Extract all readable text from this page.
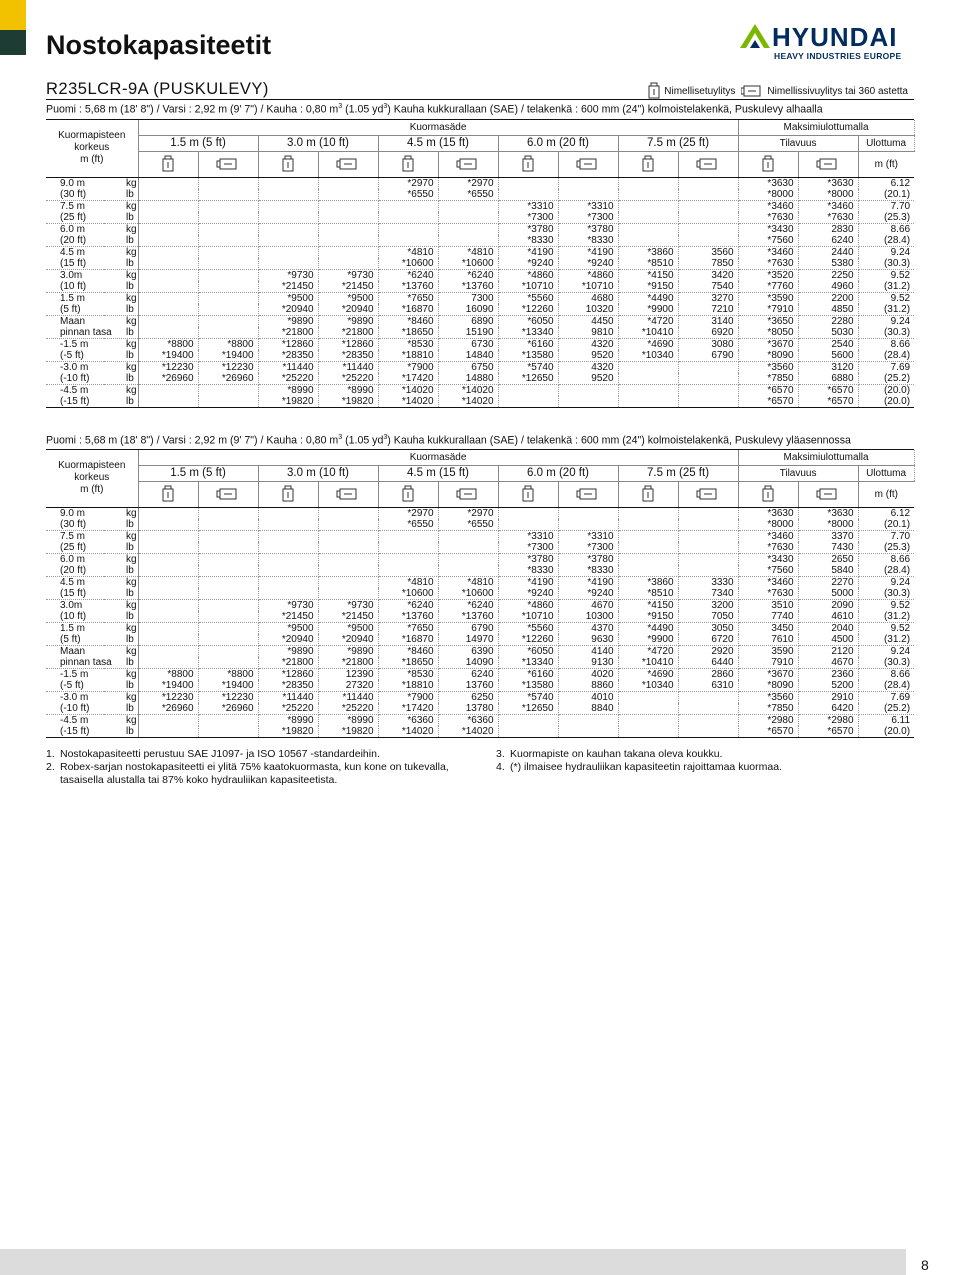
Nostokapasiteetit	HYUNDAI
HEAVY INDUSTRIES EUROPE
R235LCR-9A (PUSKULEVY)	Nimellisetuylitys	Nimellissivuylitys tai 360 astetta
Puomi : 5,68 m (18' 8") / Varsi : 2,92 m (9' 7") / Kauha : 0,80 $m^3$ (1.05 $yd^3$) Kauha kukkurallaan (SAE) / telakenkä : 600 mm (24") kolmoistelakenkä, Puskulevy alhaalla
Kuormapisteen
korkeus
m (ft)		Kuormasäde										Maksimiulottumalla		
		1.5 m (5 ft)		3.0 m (10 ft)		4.5 m (15 ft)		6.0 m (20 ft)		7.5 m (25 ft)		Tilavuus		Ulottuma

	m (ft)
9.0 m	kg					*2970	*2970					*3630	*3630	6.12
(30 ft)	lb					*6550	*6550					*8000	*8000	(20.1)
7.5 m	kg							*3310	*3310			*3460	*3460	7.70
(25 ft)	lb							*7300	*7300			*7630	*7630	(25.3)
6.0 m	kg							*3780	*3780			*3430	2830	8.66
(20 ft)	lb							*8330	*8330			*7560	6240	(28.4)
4.5 m	kg					*4810	*4810	*4190	*4190	*3860	3560	*3460	2440	9.24
(15 ft)	lb					*10600	*10600	*9240	*9240	*8510	7850	*7630	5380	(30.3)
3.0m	kg			*9730	*9730	*6240	*6240	*4860	*4860	*4150	3420	*3520	2250	9.52
(10 ft)	lb			*21450	*21450	*13760	*13760	*10710	*10710	*9150	7540	*7760	4960	(31.2)
1.5 m	kg			*9500	*9500	*7650	7300	*5560	4680	*4490	3270	*3590	2200	9.52
(5 ft)	lb			*20940	*20940	*16870	16090	*12260	10320	*9900	7210	*7910	4850	(31.2)
Maan	kg			*9890	*9890	*8460	6890	*6050	4450	*4720	3140	*3650	2280	9.24
pinnan tasa	lb			*21800	*21800	*18650	15190	*13340	9810	*10410	6920	*8050	5030	(30.3)
-1.5 m	kg	*8800	*8800	*12860	*12860	*8530	6730	*6160	4320	*4690	3080	*3670	2540	8.66
(-5 ft)	lb	*19400	*19400	*28350	*28350	*18810	14840	*13580	9520	*10340	6790	*8090	5600	(28.4)
-3.0 m	kg	*12230	*12230	*11440	*11440	*7900	6750	*5740	4320			*3560	3120	7.69
(-10 ft)	lb	*26960	*26960	*25220	*25220	*17420	14880	*12650	9520			*7850	6880	(25.2)
-4.5 m	kg			*8990	*8990	*14020	*14020					*6570	*6570	(20.0)
(-15 ft)	lb			*19820	*19820	*14020	*14020					*6570	*6570	(20.0)
Puomi : 5,68 m (18' 8") / Varsi : 2,92 m (9' 7") / Kauha : 0,80 $m^3$ (1.05 $yd^3$) Kauha kukkurallaan (SAE) / telakenkä : 600 mm (24") kolmoistelakenkä, Puskulevy yläasennossa
Kuormapisteen
korkeus
m (ft)		Kuormasäde										Maksimiulottumalla		
		1.5 m (5 ft)		3.0 m (10 ft)		4.5 m (15 ft)		6.0 m (20 ft)		7.5 m (25 ft)		Tilavuus		Ulottuma

	m (ft)
9.0 m	kg					*2970	*2970					*3630	*3630	6.12
(30 ft)	lb					*6550	*6550					*8000	*8000	(20.1)
7.5 m	kg							*3310	*3310			*3460	3370	7.70
(25 ft)	lb							*7300	*7300			*7630	7430	(25.3)
6.0 m	kg							*3780	*3780			*3430	2650	8.66
(20 ft)	lb							*8330	*8330			*7560	5840	(28.4)
4.5 m	kg					*4810	*4810	*4190	*4190	*3860	3330	*3460	2270	9.24
(15 ft)	lb					*10600	*10600	*9240	*9240	*8510	7340	*7630	5000	(30.3)
3.0m	kg			*9730	*9730	*6240	*6240	*4860	4670	*4150	3200	3510	2090	9.52
(10 ft)	lb			*21450	*21450	*13760	*13760	*10710	10300	*9150	7050	7740	4610	(31.2)
1.5 m	kg			*9500	*9500	*7650	6790	*5560	4370	*4490	3050	3450	2040	9.52
(5 ft)	lb			*20940	*20940	*16870	14970	*12260	9630	*9900	6720	7610	4500	(31.2)
Maan	kg			*9890	*9890	*8460	6390	*6050	4140	*4720	2920	3590	2120	9.24
pinnan tasa	lb			*21800	*21800	*18650	14090	*13340	9130	*10410	6440	7910	4670	(30.3)
-1.5 m	kg	*8800	*8800	*12860	12390	*8530	6240	*6160	4020	*4690	2860	*3670	2360	8.66
(-5 ft)	lb	*19400	*19400	*28350	27320	*18810	13760	*13580	8860	*10340	6310	*8090	5200	(28.4)
-3.0 m	kg	*12230	*12230	*11440	*11440	*7900	6250	*5740	4010			*3560	2910	7.69
(-10 ft)	lb	*26960	*26960	*25220	*25220	*17420	13780	*12650	8840			*7850	6420	(25.2)
-4.5 m	kg			*8990	*8990	*6360	*6360					*2980	*2980	6.11
(-15 ft)	lb			*19820	*19820	*14020	*14020					*6570	*6570	(20.0)
1. Nostokapasiteetti perustuu SAE J1097- ja ISO 10567 -standardeihin.
2. Robex-sarjan nostokapasiteetti ei ylitä 75% kaatokuormasta, kun kone on tukevalla, tasaisella alustalla tai 87% koko hydrauliikan kapasiteetista.
3. Kuormapiste on kauhan takana oleva koukku.
4. (*) ilmaisee hydrauliikan kapasiteetin rajoittamaa kuormaa.
8
